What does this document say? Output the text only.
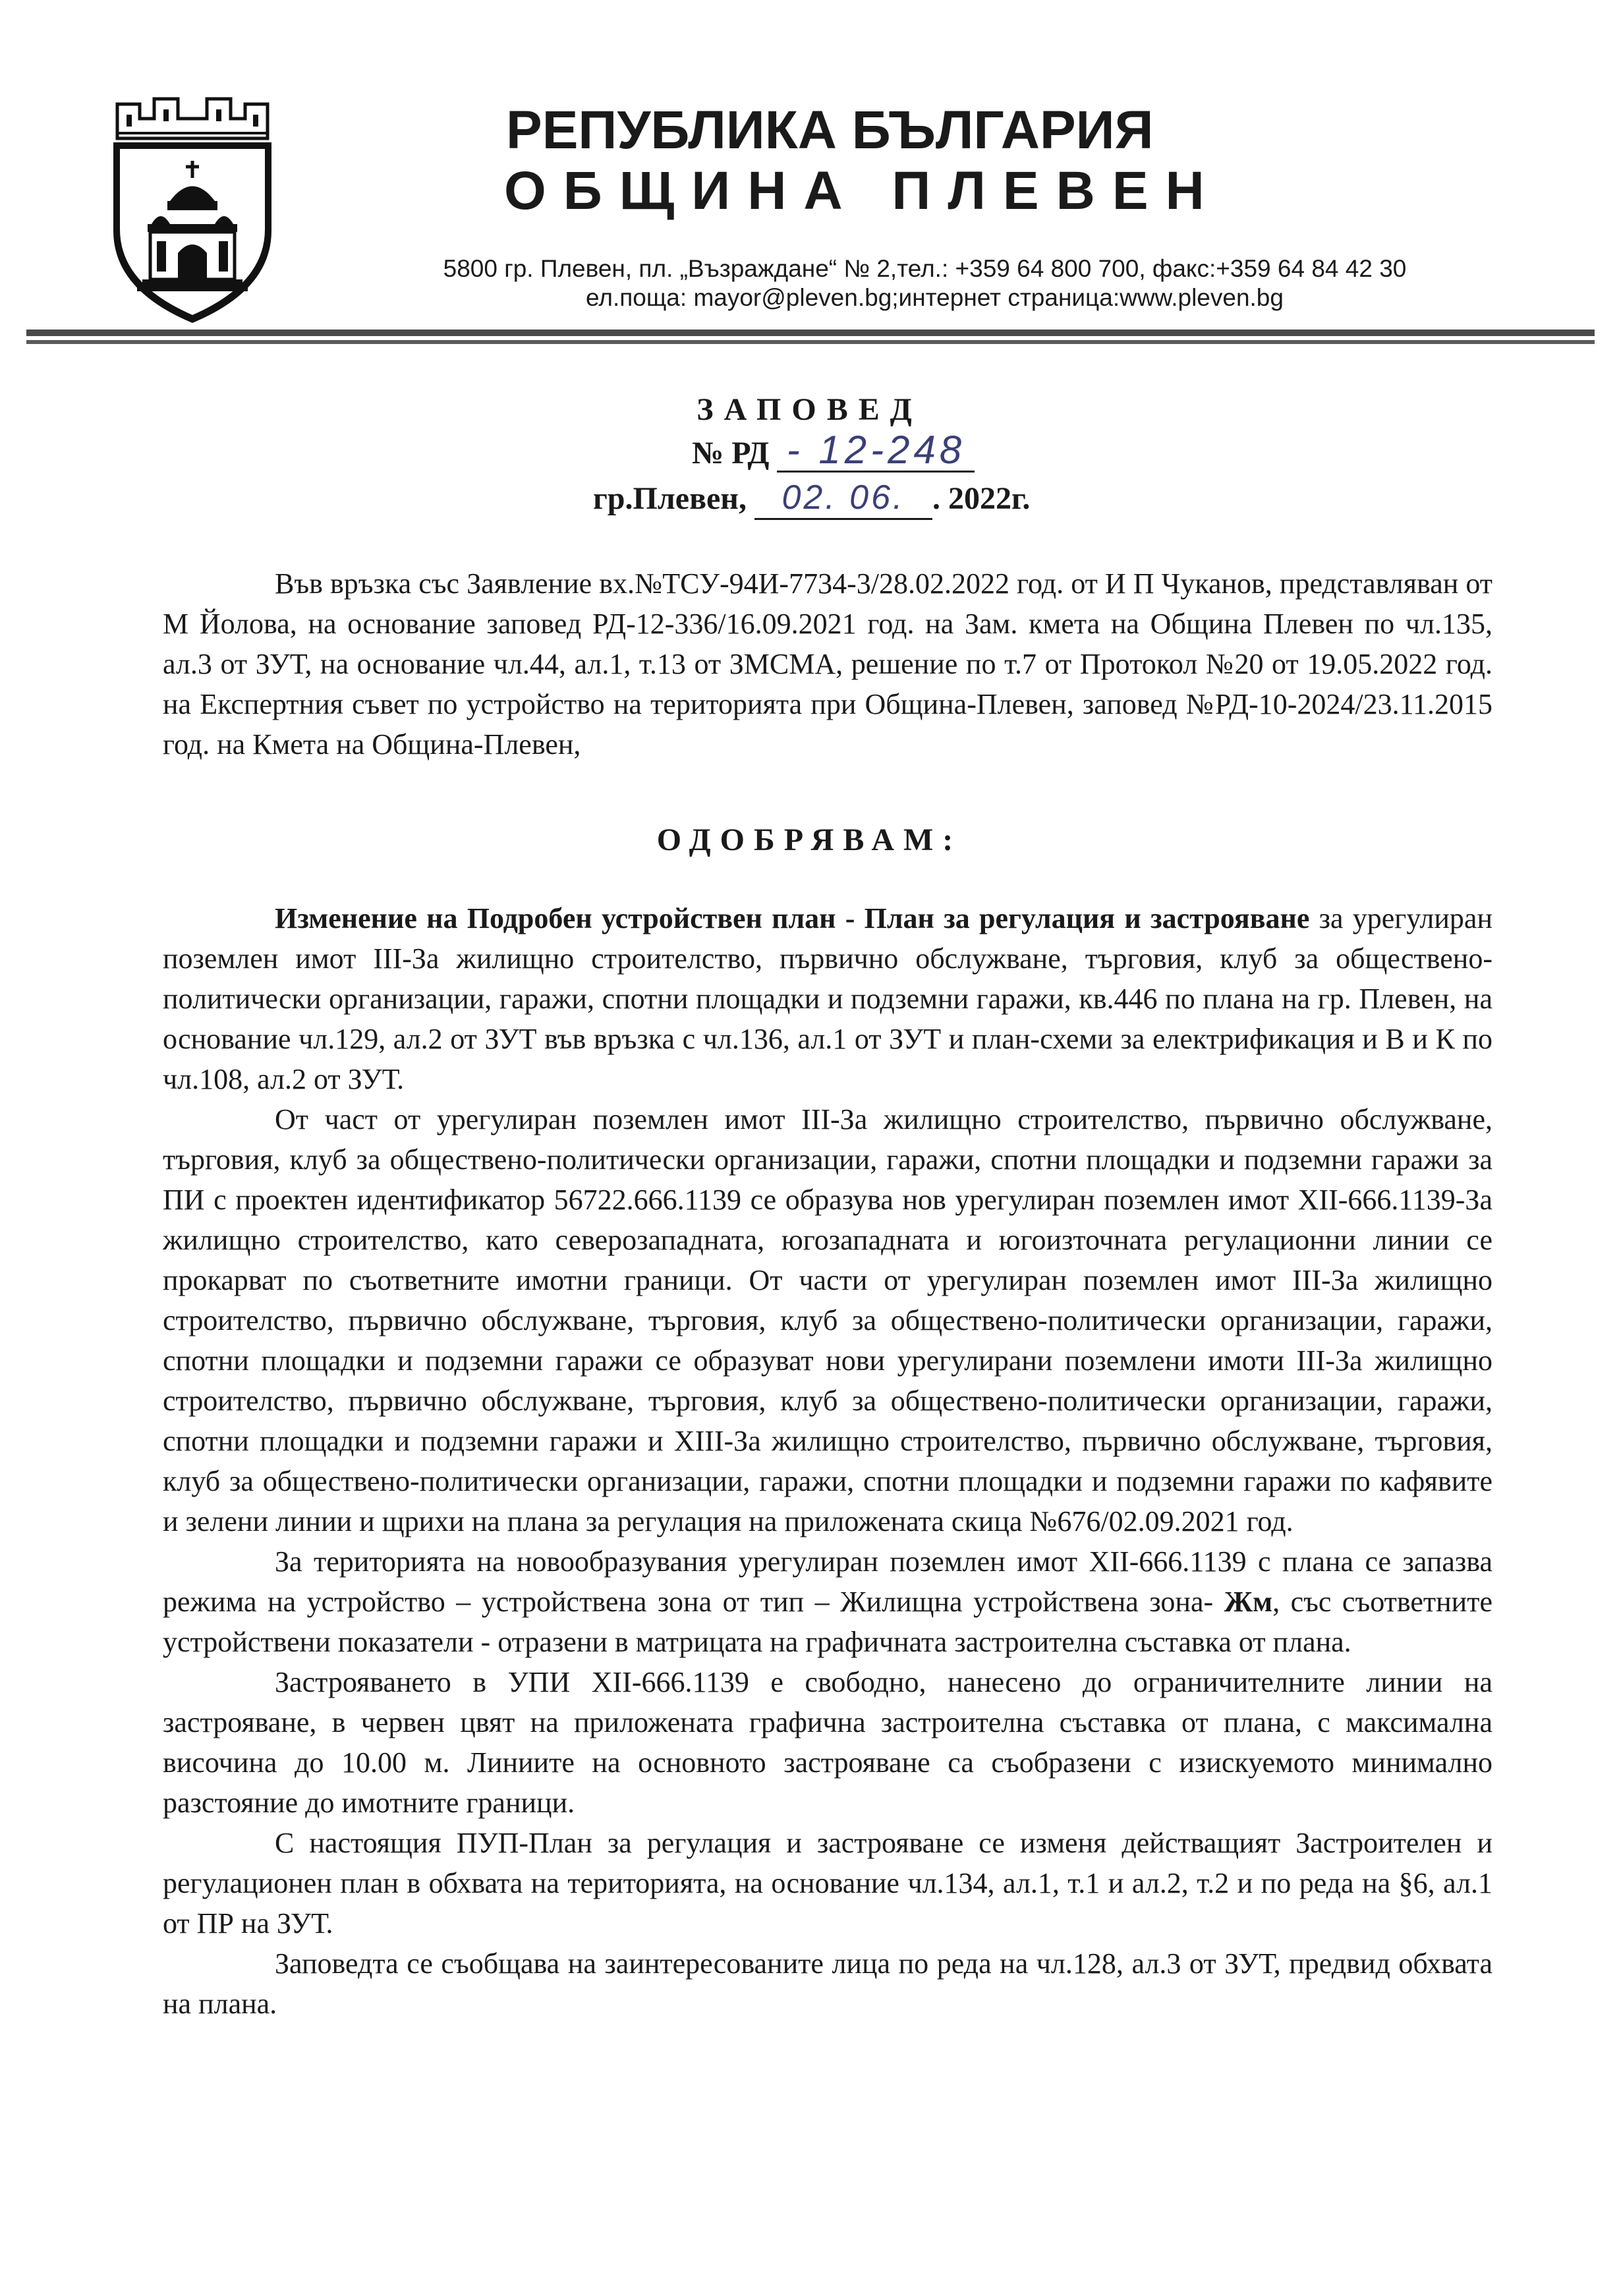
РЕПУБЛИКА БЪЛГАРИЯ
ОБЩИНА ПЛЕВЕН
5800 гр. Плевен, пл. „Възраждане“ № 2,тел.: +359 64 800 700, факс:+359 64 84 42 30
ел.поща: mayor@pleven.bg;интернет страница:www.pleven.bg
ЗАПОВЕД
№ РД - 12-248
гр.Плевен, 02. 06. . 2022г.

Във връзка със Заявление вх.№ТСУ-94И-7734-3/28.02.2022 год. от И П Чуканов, представляван от М Йолова, на основание заповед РД-12-336/16.09.2021 год. на Зам. кмета на Община Плевен по чл.135, ал.3 от ЗУТ, на основание чл.44, ал.1, т.13 от ЗМСМА, решение по т.7 от Протокол №20 от 19.05.2022 год. на Експертния съвет по устройство на територията при Община-Плевен, заповед №РД-10-2024/23.11.2015 год. на Кмета на Община-Плевен,

ОДОБРЯВАМ:

Изменение на Подробен устройствен план - План за регулация и застрояване за урегулиран поземлен имот III-За жилищно строителство, първично обслужване, търговия, клуб за обществено-политически организации, гаражи, спотни площадки и подземни гаражи, кв.446 по плана на гр. Плевен, на основание чл.129, ал.2 от ЗУТ във връзка с чл.136, ал.1 от ЗУТ и план-схеми за електрификация и В и К по чл.108, ал.2 от ЗУТ.

От част от урегулиран поземлен имот III-За жилищно строителство, първично обслужване, търговия, клуб за обществено-политически организации, гаражи, спотни площадки и подземни гаражи за ПИ с проектен идентификатор 56722.666.1139 се образува нов урегулиран поземлен имот XII-666.1139-За жилищно строителство, като северозападната, югозападната и югоизточната регулационни линии се прокарват по съответните имотни граници. От части от урегулиран поземлен имот III-За жилищно строителство, първично обслужване, търговия, клуб за обществено-политически организации, гаражи, спотни площадки и подземни гаражи се образуват нови урегулирани поземлени имоти III-За жилищно строителство, първично обслужване, търговия, клуб за обществено-политически организации, гаражи, спотни площадки и подземни гаражи и XIII-За жилищно строителство, първично обслужване, търговия, клуб за обществено-политически организации, гаражи, спотни площадки и подземни гаражи по кафявите и зелени линии и щрихи на плана за регулация на приложената скица №676/02.09.2021 год.

За територията на новообразувания урегулиран поземлен имот XII-666.1139 с плана се запазва режима на устройство – устройствена зона от тип – Жилищна устройствена зона- Жм, със съответните устройствени показатели - отразени в матрицата на графичната застроителна съставка от плана.

Застрояването в УПИ XII-666.1139 е свободно, нанесено до ограничителните линии на застрояване, в червен цвят на приложената графична застроителна съставка от плана, с максимална височина до 10.00 м. Линиите на основното застрояване са съобразени с изискуемото минимално разстояние до имотните граници.

С настоящия ПУП-План за регулация и застрояване се изменя действащият Застроителен и регулационен план в обхвата на територията, на основание чл.134, ал.1, т.1 и ал.2, т.2 и по реда на §6, ал.1 от ПР на ЗУТ.

Заповедта се съобщава на заинтересованите лица по реда на чл.128, ал.3 от ЗУТ, предвид обхвата на плана.
